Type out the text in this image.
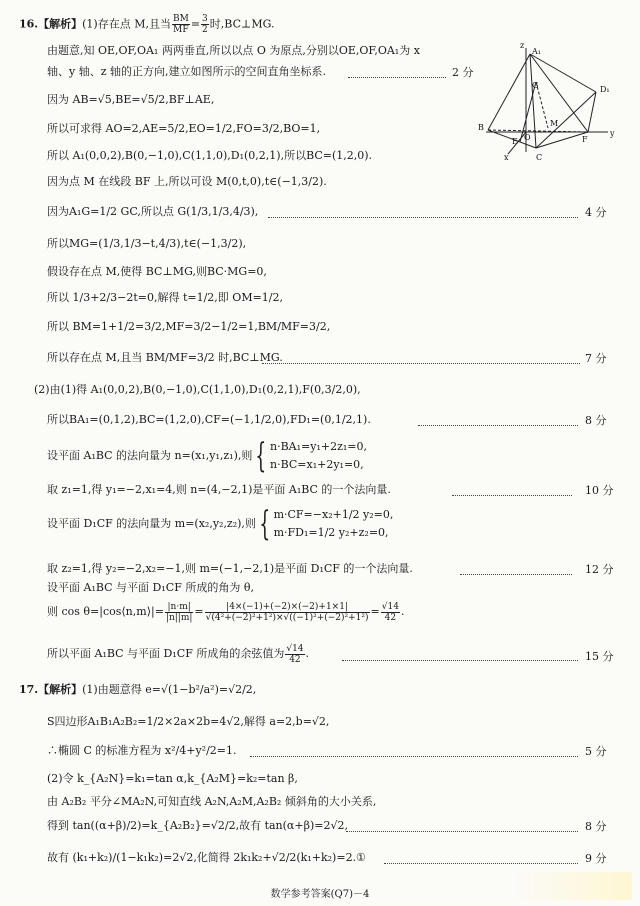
16.【解析】(1)存在点 M,且当 $\frac{BM}{MF} = \frac{3}{2}$ 时,BC⊥MG.
由题意,知 OE,OF,OA₁ 两两垂直,所以以点 O 为原点,分别以OE,OF,OA₁为 x
轴、y 轴、z 轴的正方向,建立如图所示的空间直角坐标系.	2 分
因为 AB=√5,BE=√5/2,BF⊥AE,
所以可求得 AO=2,AE=5/2,EO=1/2,FO=3/2,BO=1,
所以 A₁(0,0,2),B(0,−1,0),C(1,1,0),D₁(0,2,1),所以BC=(1,2,0).
因为点 M 在线段 BF 上,所以可设 M(0,t,0),t∈(−1,3/2).
因为A₁G=1/2 GC,所以点 G(1/3,1/3,4/3),	4 分
所以MG=(1/3,1/3−t,4/3),t∈(−1,3/2),
假设存在点 M,使得 BC⊥MG,则BC·MG=0,
所以 1/3+2/3−2t=0,解得 t=1/2,即 OM=1/2,
所以 BM=1+1/2=3/2,MF=3/2−1/2=1,BM/MF=3/2,
所以存在点 M,且当 BM/MF=3/2 时,BC⊥MG.	7 分
(2)由(1)得 A₁(0,0,2),B(0,−1,0),C(1,1,0),D₁(0,2,1),F(0,3/2,0),
所以BA₁=(0,1,2),BC=(1,2,0),CF=(−1,1/2,0),FD₁=(0,1/2,1).	8 分
设平面 A₁BC 的法向量为 n=(x₁,y₁,z₁),则 { n·BA₁=y₁+2z₁=0,
n·BC=x₁+2y₁=0,
取 z₁=1,得 y₁=−2,x₁=4,则 n=(4,−2,1)是平面 A₁BC 的一个法向量.	10 分
设平面 D₁CF 的法向量为 m=(x₂,y₂,z₂),则 { m·CF=−x₂+1/2 y₂=0,
m·FD₁=1/2 y₂+z₂=0,
取 z₂=1,得 y₂=−2,x₂=−1,则 m=(−1,−2,1)是平面 D₁CF 的一个法向量.	12 分
设平面 A₁BC 与平面 D₁CF 所成的角为 θ,
则 cos θ=|cos⟨n,m⟩|= $\frac{|n\cdot m|}{|n||m|} = \frac{|4\times(-1)+(-2)\times(-2)+1\times 1|}{\text{√(4²+(−2)²+1²)×√((−1)²+(−2)²+1²)}} = \frac{√14}{42}$ .
所以平面 A₁BC 与平面 D₁CF 所成角的余弦值为 $\frac{√14}{42}$ .	15 分
17.【解析】(1)由题意得 e=√(1−b²/a²)=√2/2,
S四边形A₁B₁A₂B₂=1/2×2a×2b=4√2,解得 a=2,b=√2,
∴椭圆 C 的标准方程为 x²/4+y²/2=1.	5 分
(2)令 k_{A₂N}=k₁=tan α,k_{A₂M}=k₂=tan β,
由 A₂B₂ 平分∠MA₂N,可知直线 A₂N,A₂M,A₂B₂ 倾斜角的大小关系,
得到 tan((α+β)/2)=k_{A₂B₂}=√2/2,故有 tan(α+β)=2√2,	8 分
故有 (k₁+k₂)/(1−k₁k₂)=2√2,化简得 2k₁k₂+√2/2(k₁+k₂)=2.①	9 分
z
A₁
D₁
G
B
O
M
F
E
C
y
x
数学参考答案(Q7)－4
